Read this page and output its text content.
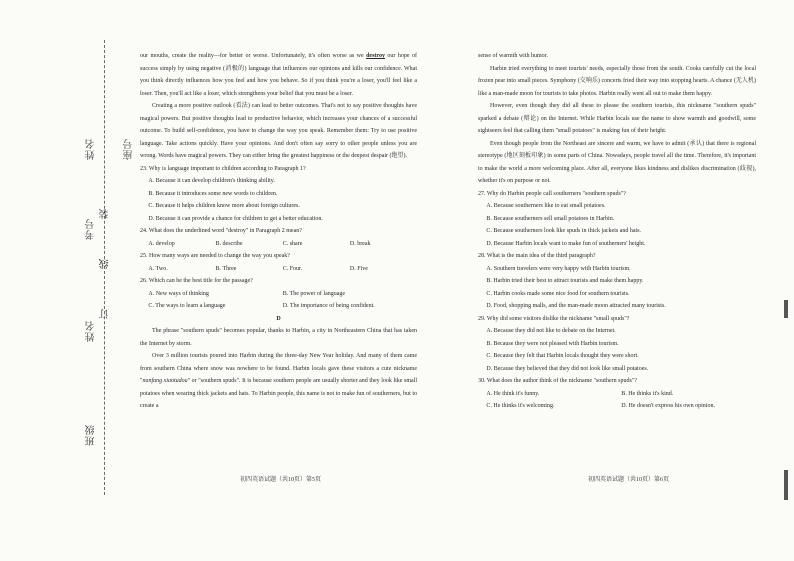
姓名	座号
考号
姓名
班级
装
订
线

our mouths, create the reality—for better or worse. Unfortunately, it's often worse as we destroy our hope of success simply by using negative (消极的) language that influences our opinions and kills our confidence. What you think directly influences how you feel and how you behave. So if you think you're a loser, you'll feel like a loser. Then, you'll act like a loser, which strengthens your belief that you must be a loser.

Creating a more positive outlook (看法) can lead to better outcomes. That's not to say positive thoughts have magical powers. But positive thoughts lead to productive behavior, which increases your chances of a successful outcome. To build self-confidence, you have to change the way you speak. Remember them: Try to use positive language. Take actions quickly. Have your opinions. And don't often say sorry to other people unless you are wrong. Words have magical powers. They can either bring the greatest happiness or the deepest despair (绝望).

23. Why is language important to children according to Paragraph 1?

A. Because it can develop children's thinking ability.

B. Because it introduces some new words to children.

C. Because it helps children know more about foreign cultures.

D. Because it can provide a chance for children to get a better education.

24. What does the underlined word "destroy" in Paragraph 2 mean?

A. develop	B. describe	C. share	D. break

25. How many ways are needed to change the way you speak?

A. Two.	B. Three	C. Four.	D. Five

26. Which can be the best title for the passage?

A. New ways of thinking	B. The power of language
C. The ways to learn a language	D. The importance of being confident.

D

The phrase "southern spuds" becomes popular, thanks to Harbin, a city in Northeastern China that has taken the Internet by storm.

Over 3 million tourists poured into Harbin during the three-day New Year holiday. And many of them came from southern China where snow was nowhere to be found. Harbin locals gave these visitors a cute nickname "nanfang xiaotudou" or "southern spuds". It is because southern people are usually shorter and they look like small potatoes when wearing thick jackets and hats. To Harbin people, this name is not to make fun of southerners, but to create a

初四英语试题（共10页）第5页

sense of warmth with humor.

Harbin tried everything to meet tourists' needs, especially those from the south. Cooks carefully cut the local frozen pear into small pieces. Symphony (交响乐) concerts fried their way into stopping hearts. A chance (无人机) like a man-made moon for tourists to take photos. Harbin really went all out to make them happy.

However, even though they did all these to please the southern tourists, this nickname "southern spuds" sparked a debate (辩论) on the Internet. While Harbin locals use the name to show warmth and goodwill, some sightseers feel that calling them "small potatoes" is making fun of their height.

Even though people from the Northeast are sincere and warm, we have to admit (承认) that there is regional stereotype (地区刻板印象) in some parts of China. Nowadays, people travel all the time. Therefore, it's important to make the world a more welcoming place. After all, everyone likes kindness and dislikes discrimination (歧视), whether it's on purpose or not.

27. Why do Harbin people call southerners "southern spuds"?

A. Because southerners like to eat small potatoes.

B. Because southerners sell small potatoes in Harbin.

C. Because southerners look like spuds in thick jackets and hats.

D. Because Harbin locals want to make fun of southerners' height.

28. What is the main idea of the third paragraph?

A. Southern travelers were very happy with Harbin tourism.

B. Harbin tried their best to attract tourists and make them happy.

C. Harbin cooks made some nice food for southern tourists.

D. Food, shopping malls, and the man-made moon attracted many tourists.

29. Why did some visitors dislike the nickname "small spuds"?

A. Because they did not like to debate on the Internet.

B. Because they were not pleased with Harbin tourism.

C. Because they felt that Harbin locals thought they were short.

D. Because they believed that they did not look like small potatoes.

30. What does the author think of the nickname "southern spuds"?

A. He think it's funny.	B. He thinks it's kind.
C. He thinks it's welcoming.	D. He doesn't express his own opinion.
初四英语试题（共10页）第6页
